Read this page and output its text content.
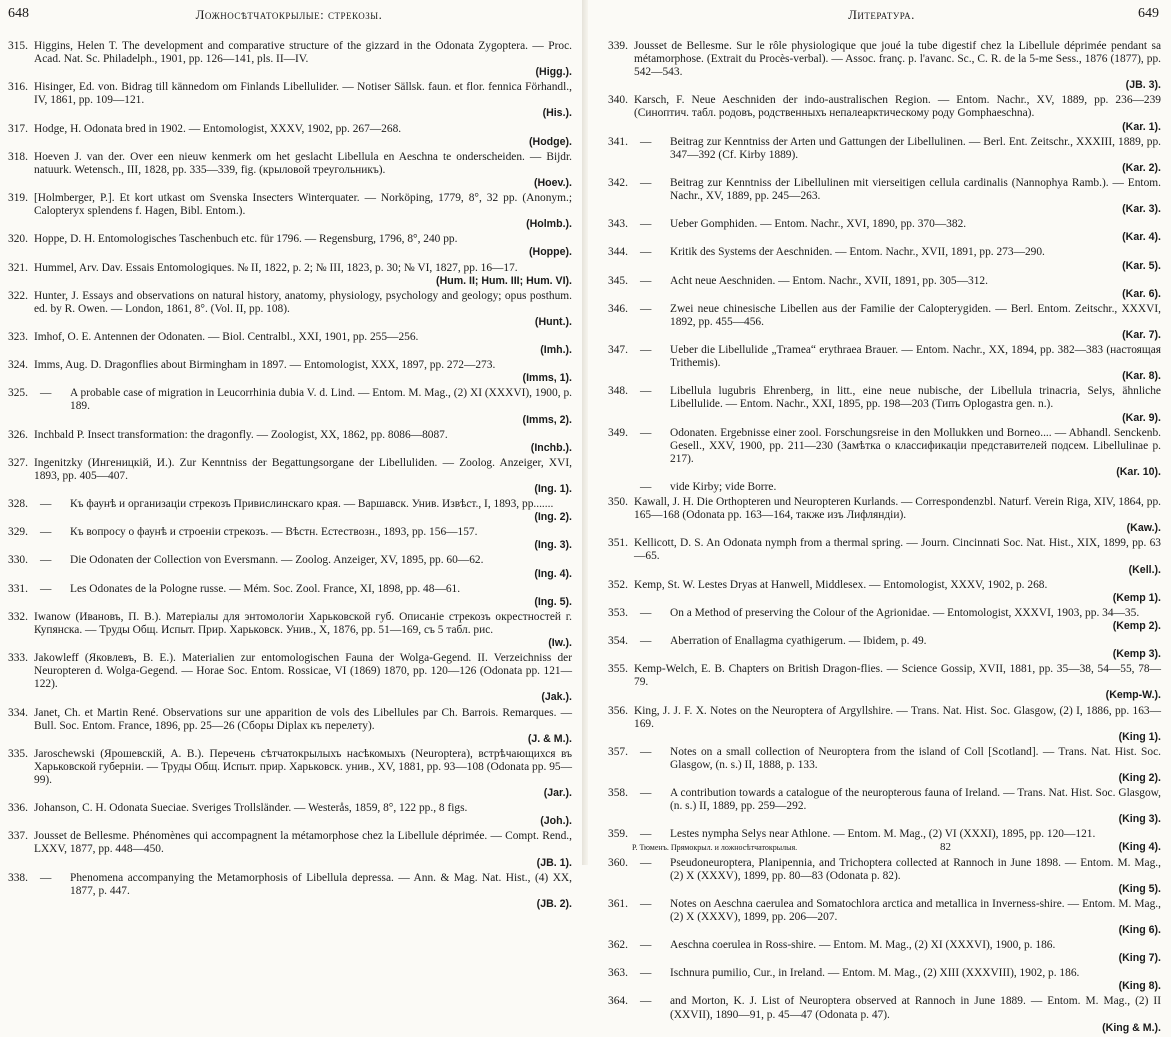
648	Ложносѣтчатокрылые: стрекозы.
315. Higgins, Helen T. The development and comparative structure of the gizzard in the Odonata Zygoptera. — Proc. Acad. Nat. Sc. Philadelph., 1901, pp. 126—141, pls. II—IV.
(Higg.).
316. Hisinger, Ed. von. Bidrag till kännedom om Finlands Libellulider. — Notiser Sällsk. faun. et flor. fennica Förhandl., IV, 1861, pp. 109—121.
(His.).
317. Hodge, H. Odonata bred in 1902. — Entomologist, XXXV, 1902, pp. 267—268.
(Hodge).
318. Hoeven J. van der. Over een nieuw kenmerk om het geslacht Libellula en Aeschna te onderscheiden. — Bijdr. natuurk. Wetensch., III, 1828, pp. 335—339, fig. (крыловой треугольникъ).
(Hoev.).
319. [Holmberger, P.]. Et kort utkast om Svenska Insecters Winterquater. — Norköping, 1779, 8°, 32 pp. (Anonym.; Calopteryx splendens f. Hagen, Bibl. Entom.).
(Holmb.).
320. Hoppe, D. H. Entomologisches Taschenbuch etc. für 1796. — Regensburg, 1796, 8°, 240 pp.
(Hoppe).
321. Hummel, Arv. Dav. Essais Entomologiques. № II, 1822, p. 2; № III, 1823, p. 30; № VI, 1827, pp. 16—17.
(Hum. II; Hum. III; Hum. VI).
322. Hunter, J. Essays and observations on natural history, anatomy, physiology, psychology and geology; opus posthum. ed. by R. Owen. — London, 1861, 8°. (Vol. II, pp. 108).
(Hunt.).
323. Imhof, O. E. Antennen der Odonaten. — Biol. Centralbl., XXI, 1901, pp. 255—256.
(Imh.).
324. Imms, Aug. D. Dragonflies about Birmingham in 1897. — Entomologist, XXX, 1897, pp. 272—273.
(Imms, 1).
325. — A probable case of migration in Leucorrhinia dubia V. d. Lind. — Entom. M. Mag., (2) XI (XXXVI), 1900, p. 189.
(Imms, 2).
326. Inchbald P. Insect transformation: the dragonfly. — Zoologist, XX, 1862, pp. 8086—8087.
(Inchb.).
327. Ingenitzky (Ингеницкій, И.). Zur Kenntniss der Begattungsorgane der Libelluliden. — Zoolog. Anzeiger, XVI, 1893, pp. 405—407.
(Ing. 1).
328. — Къ фаунѣ и организаціи стрекозъ Привислинскаго края. — Варшавск. Унив. Извѣст., I, 1893, pp.......
(Ing. 2).
329. — Къ вопросу о фаунѣ и строеніи стрекозъ. — Вѣстн. Естествозн., 1893, pp. 156—157.
(Ing. 3).
330. — Die Odonaten der Collection von Eversmann. — Zoolog. Anzeiger, XV, 1895, pp. 60—62.
(Ing. 4).
331. — Les Odonates de la Pologne russe. — Mém. Soc. Zool. France, XI, 1898, pp. 48—61.
(Ing. 5).
332. Iwanow (Ивановъ, П. В.). Матеріалы для энтомологіи Харьковской губ. Описаніе стрекозъ окрестностей г. Купянска. — Труды Общ. Испыт. Прир. Харьковск. Унив., X, 1876, pp. 51—169, съ 5 табл. рис.
(Iw.).
333. Jakowleff (Яковлевъ, В. Е.). Materialien zur entomologischen Fauna der Wolga-Gegend. II. Verzeichniss der Neuropteren d. Wolga-Gegend. — Horae Soc. Entom. Rossicae, VI (1869) 1870, pp. 120—126 (Odonata pp. 121—122).
(Jak.).
334. Janet, Ch. et Martin René. Observations sur une apparition de vols des Libellules par Ch. Barrois. Remarques. — Bull. Soc. Entom. France, 1896, pp. 25—26 (Сборы Diplax къ перелету).
(J. & M.).
335. Jaroschewski (Ярошевскій, А. В.). Перечень сѣтчатокрылыхъ насѣкомыхъ (Neuroptera), встрѣчающихся въ Харьковской губерніи. — Труды Общ. Испыт. прир. Харьковск. унив., XV, 1881, pp. 93—108 (Odonata pp. 95—99).
(Jar.).
336. Johanson, C. H. Odonata Sueciae. Sveriges Trollsländer. — Westerås, 1859, 8°, 122 pp., 8 figs.
(Joh.).
337. Jousset de Bellesme. Phénomènes qui accompagnent la métamorphose chez la Libellule déprimée. — Compt. Rend., LXXV, 1877, pp. 448—450.
(JB. 1).
338. — Phenomena accompanying the Metamorphosis of Libellula depressa. — Ann. & Mag. Nat. Hist., (4) XX, 1877, p. 447.
(JB. 2).
Литература.	649
339. Jousset de Bellesme. Sur le rôle physiologique que joué la tube digestif chez la Libellule déprimée pendant sa métamorphose. (Extrait du Procès-verbal). — Assoc. franç. p. l'avanc. Sc., C. R. de la 5-me Sess., 1876 (1877), pp. 542—543.
(JB. 3).
340. Karsch, F. Neue Aeschniden der indo-australischen Region. — Entom. Nachr., XV, 1889, pp. 236—239 (Синоптич. табл. родовъ, родственныхъ непалеарктическому роду Gomphaeschna).
(Kar. 1).
341. — Beitrag zur Kenntniss der Arten und Gattungen der Libellulinen. — Berl. Ent. Zeitschr., XXXIII, 1889, pp. 347—392 (Cf. Kirby 1889).
(Kar. 2).
342. — Beitrag zur Kenntniss der Libellulinen mit vierseitigen cellula cardinalis (Nannophya Ramb.). — Entom. Nachr., XV, 1889, pp. 245—263.
(Kar. 3).
343. — Ueber Gomphiden. — Entom. Nachr., XVI, 1890, pp. 370—382.
(Kar. 4).
344. — Kritik des Systems der Aeschniden. — Entom. Nachr., XVII, 1891, pp. 273—290.
(Kar. 5).
345. — Acht neue Aeschniden. — Entom. Nachr., XVII, 1891, pp. 305—312.
(Kar. 6).
346. — Zwei neue chinesische Libellen aus der Familie der Calopterygiden. — Berl. Entom. Zeitschr., XXXVI, 1892, pp. 455—456.
(Kar. 7).
347. — Ueber die Libellulide „Tramea“ erythraea Brauer. — Entom. Nachr., XX, 1894, pp. 382—383 (настоящая Trithemis).
(Kar. 8).
348. — Libellula lugubris Ehrenberg, in litt., eine neue nubische, der Libellula trinacria, Selys, ähnliche Libellulide. — Entom. Nachr., XXI, 1895, pp. 198—203 (Типъ Oplogastra gen. n.).
(Kar. 9).
349. — Odonaten. Ergebnisse einer zool. Forschungsreise in den Mollukken und Borneo.... — Abhandl. Senckenb. Gesell., XXV, 1900, pp. 211—230 (Замѣтка о классификаціи представителей подсем. Libellulinae p. 217).
(Kar. 10).
— vide Kirby; vide Borre.
350. Kawall, J. H. Die Orthopteren und Neuropteren Kurlands. — Correspondenzbl. Naturf. Verein Riga, XIV, 1864, pp. 165—168 (Odonata pp. 163—164, также изъ Лифляндіи).
(Kaw.).
351. Kellicott, D. S. An Odonata nymph from a thermal spring. — Journ. Cincinnati Soc. Nat. Hist., XIX, 1899, pp. 63—65.
(Kell.).
352. Kemp, St. W. Lestes Dryas at Hanwell, Middlesex. — Entomologist, XXXV, 1902, p. 268.
(Kemp 1).
353. — On a Method of preserving the Colour of the Agrionidae. — Entomologist, XXXVI, 1903, pp. 34—35.
(Kemp 2).
354. — Aberration of Enallagma cyathigerum. — Ibidem, p. 49.
(Kemp 3).
355. Kemp-Welch, E. B. Chapters on British Dragon-flies. — Science Gossip, XVII, 1881, pp. 35—38, 54—55, 78—79.
(Kemp-W.).
356. King, J. J. F. X. Notes on the Neuroptera of Argyllshire. — Trans. Nat. Hist. Soc. Glasgow, (2) I, 1886, pp. 163—169.
(King 1).
357. — Notes on a small collection of Neuroptera from the island of Coll [Scotland]. — Trans. Nat. Hist. Soc. Glasgow, (n. s.) II, 1888, p. 133.
(King 2).
358. — A contribution towards a catalogue of the neuropterous fauna of Ireland. — Trans. Nat. Hist. Soc. Glasgow, (n. s.) II, 1889, pp. 259—292.
(King 3).
359. — Lestes nympha Selys near Athlone. — Entom. M. Mag., (2) VI (XXXI), 1895, pp. 120—121.
(King 4).
360. — Pseudoneuroptera, Planipennia, and Trichoptera collected at Rannoch in June 1898. — Entom. M. Mag., (2) X (XXXV), 1899, pp. 80—83 (Odonata p. 82).
(King 5).
361. — Notes on Aeschna caerulea and Somatochlora arctica and metallica in Inverness-shire. — Entom. M. Mag., (2) X (XXXV), 1899, pp. 206—207.
(King 6).
362. — Aeschna coerulea in Ross-shire. — Entom. M. Mag., (2) XI (XXXVI), 1900, p. 186.
(King 7).
363. — Ischnura pumilio, Cur., in Ireland. — Entom. M. Mag., (2) XIII (XXXVIII), 1902, p. 186.
(King 8).
364. — and Morton, K. J. List of Neuroptera observed at Rannoch in June 1889. — Entom. M. Mag., (2) II (XXVII), 1890—91, p. 45—47 (Odonata p. 47).
(King & M.).
Р. Тюменъ. Прямокрыл. и ложносѣтчатокрылыя.	82
